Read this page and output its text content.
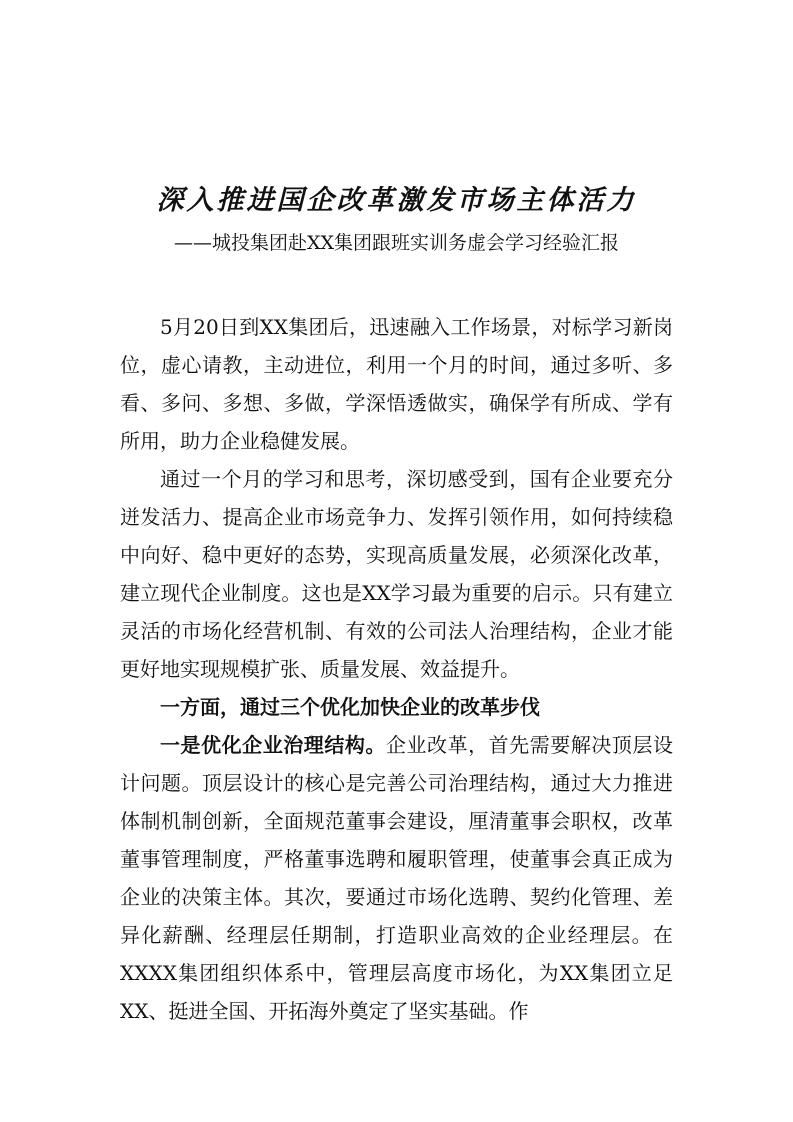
深入推进国企改革激发市场主体活力
——城投集团赴XX集团跟班实训务虚会学习经验汇报

5月20日到XX集团后，迅速融入工作场景，对标学习新岗位，虚心请教，主动进位，利用一个月的时间，通过多听、多看、多问、多想、多做，学深悟透做实，确保学有所成、学有所用，助力企业稳健发展。

通过一个月的学习和思考，深切感受到，国有企业要充分迸发活力、提高企业市场竞争力、发挥引领作用，如何持续稳中向好、稳中更好的态势，实现高质量发展，必须深化改革，建立现代企业制度。这也是XX学习最为重要的启示。只有建立灵活的市场化经营机制、有效的公司法人治理结构，企业才能更好地实现规模扩张、质量发展、效益提升。

一方面，通过三个优化加快企业的改革步伐

一是优化企业治理结构。企业改革，首先需要解决顶层设计问题。顶层设计的核心是完善公司治理结构，通过大力推进体制机制创新，全面规范董事会建设，厘清董事会职权，改革董事管理制度，严格董事选聘和履职管理，使董事会真正成为企业的决策主体。其次，要通过市场化选聘、契约化管理、差异化薪酬、经理层任期制，打造职业高效的企业经理层。在XXXX集团组织体系中，管理层高度市场化，为XX集团立足XX、挺进全国、开拓海外奠定了坚实基础。作
